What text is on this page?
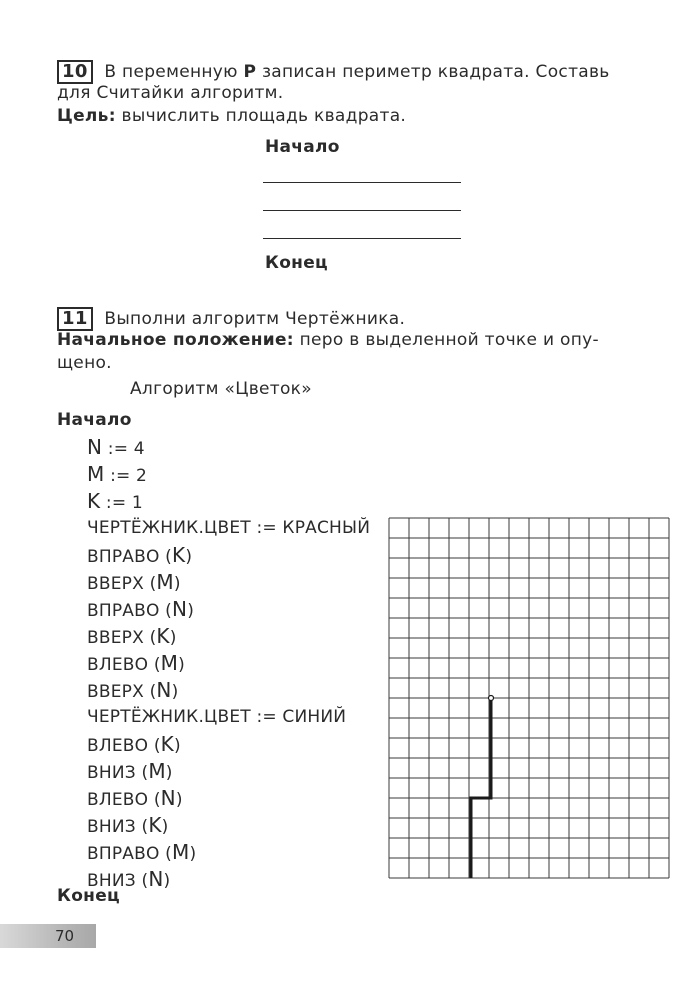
10 В переменную P записан периметр квадрата. Составь
для Считайки алгоритм.
Цель: вычислить площадь квадрата.
Начало
Конец
11 Выполни алгоритм Чертёжника.
Начальное положение: перо в выделенной точке и опу-
щено.
Алгоритм «Цветок»
Начало
N := 4
M := 2
K := 1
ЧЕРТЁЖНИК.ЦВЕТ := КРАСНЫЙ
ВПРАВО (K)
ВВЕРХ (M)
ВПРАВО (N)
ВВЕРХ (K)
ВЛЕВО (M)
ВВЕРХ (N)
ЧЕРТЁЖНИК.ЦВЕТ := СИНИЙ
ВЛЕВО (K)
ВНИЗ (M)
ВЛЕВО (N)
ВНИЗ (K)
ВПРАВО (M)
ВНИЗ (N)
Конец
70
